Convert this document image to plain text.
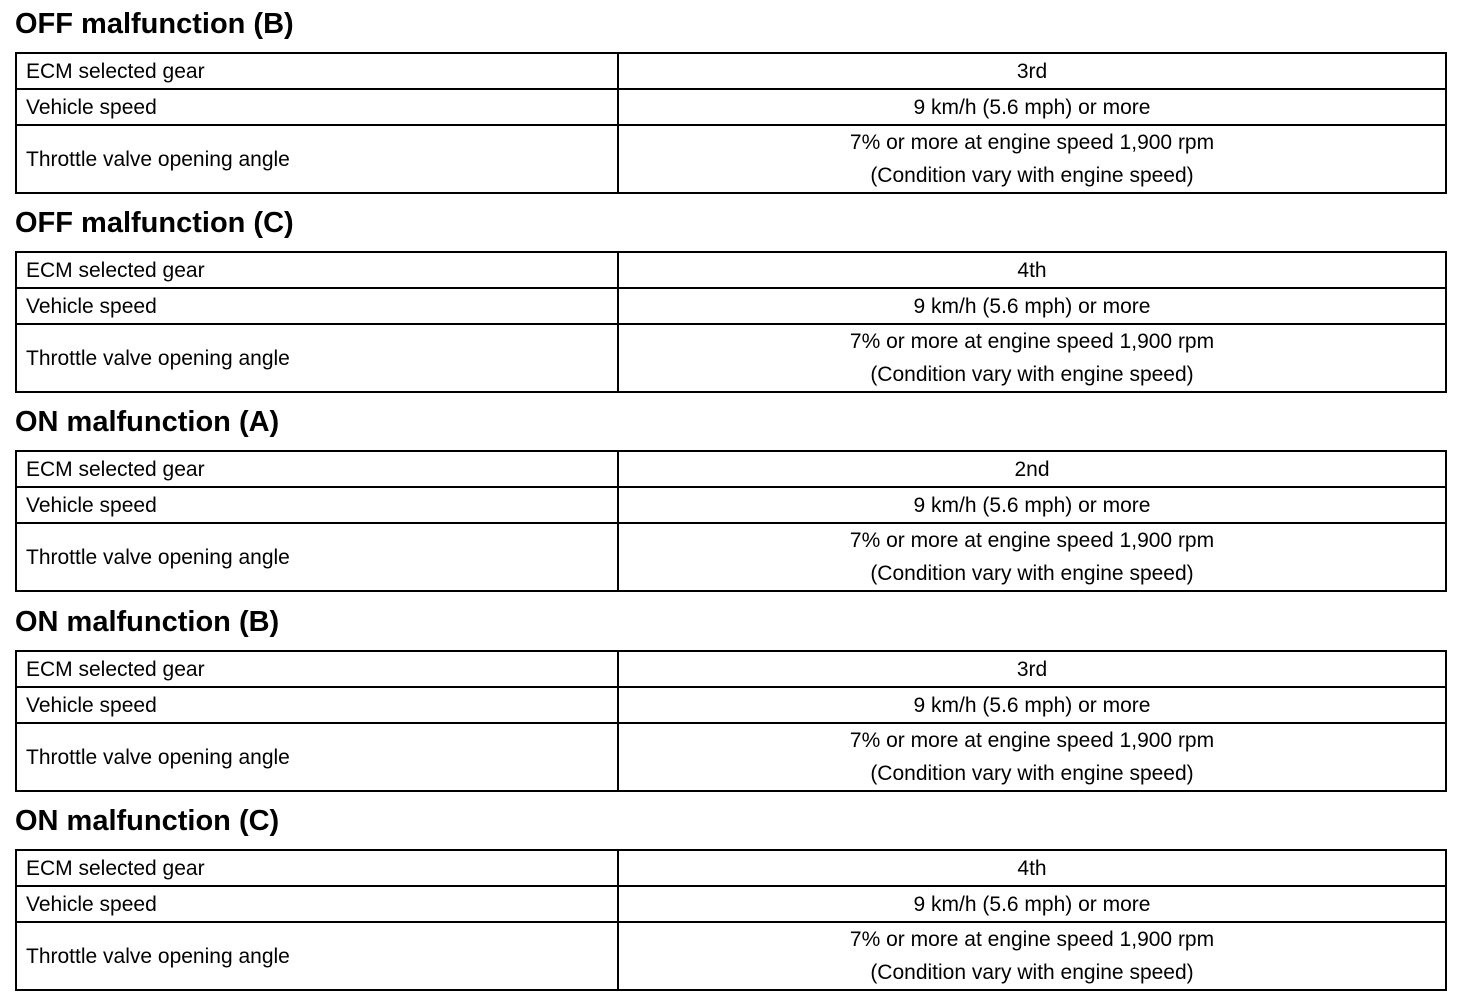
OFF malfunction (B)
ECM selected gear	3rd
Vehicle speed	9 km/h (5.6 mph) or more
Throttle valve opening angle	7% or more at engine speed 1,900 rpm
(Condition vary with engine speed)
OFF malfunction (C)
ECM selected gear	4th
Vehicle speed	9 km/h (5.6 mph) or more
Throttle valve opening angle	7% or more at engine speed 1,900 rpm
(Condition vary with engine speed)
ON malfunction (A)
ECM selected gear	2nd
Vehicle speed	9 km/h (5.6 mph) or more
Throttle valve opening angle	7% or more at engine speed 1,900 rpm
(Condition vary with engine speed)
ON malfunction (B)
ECM selected gear	3rd
Vehicle speed	9 km/h (5.6 mph) or more
Throttle valve opening angle	7% or more at engine speed 1,900 rpm
(Condition vary with engine speed)
ON malfunction (C)
ECM selected gear	4th
Vehicle speed	9 km/h (5.6 mph) or more
Throttle valve opening angle	7% or more at engine speed 1,900 rpm
(Condition vary with engine speed)
